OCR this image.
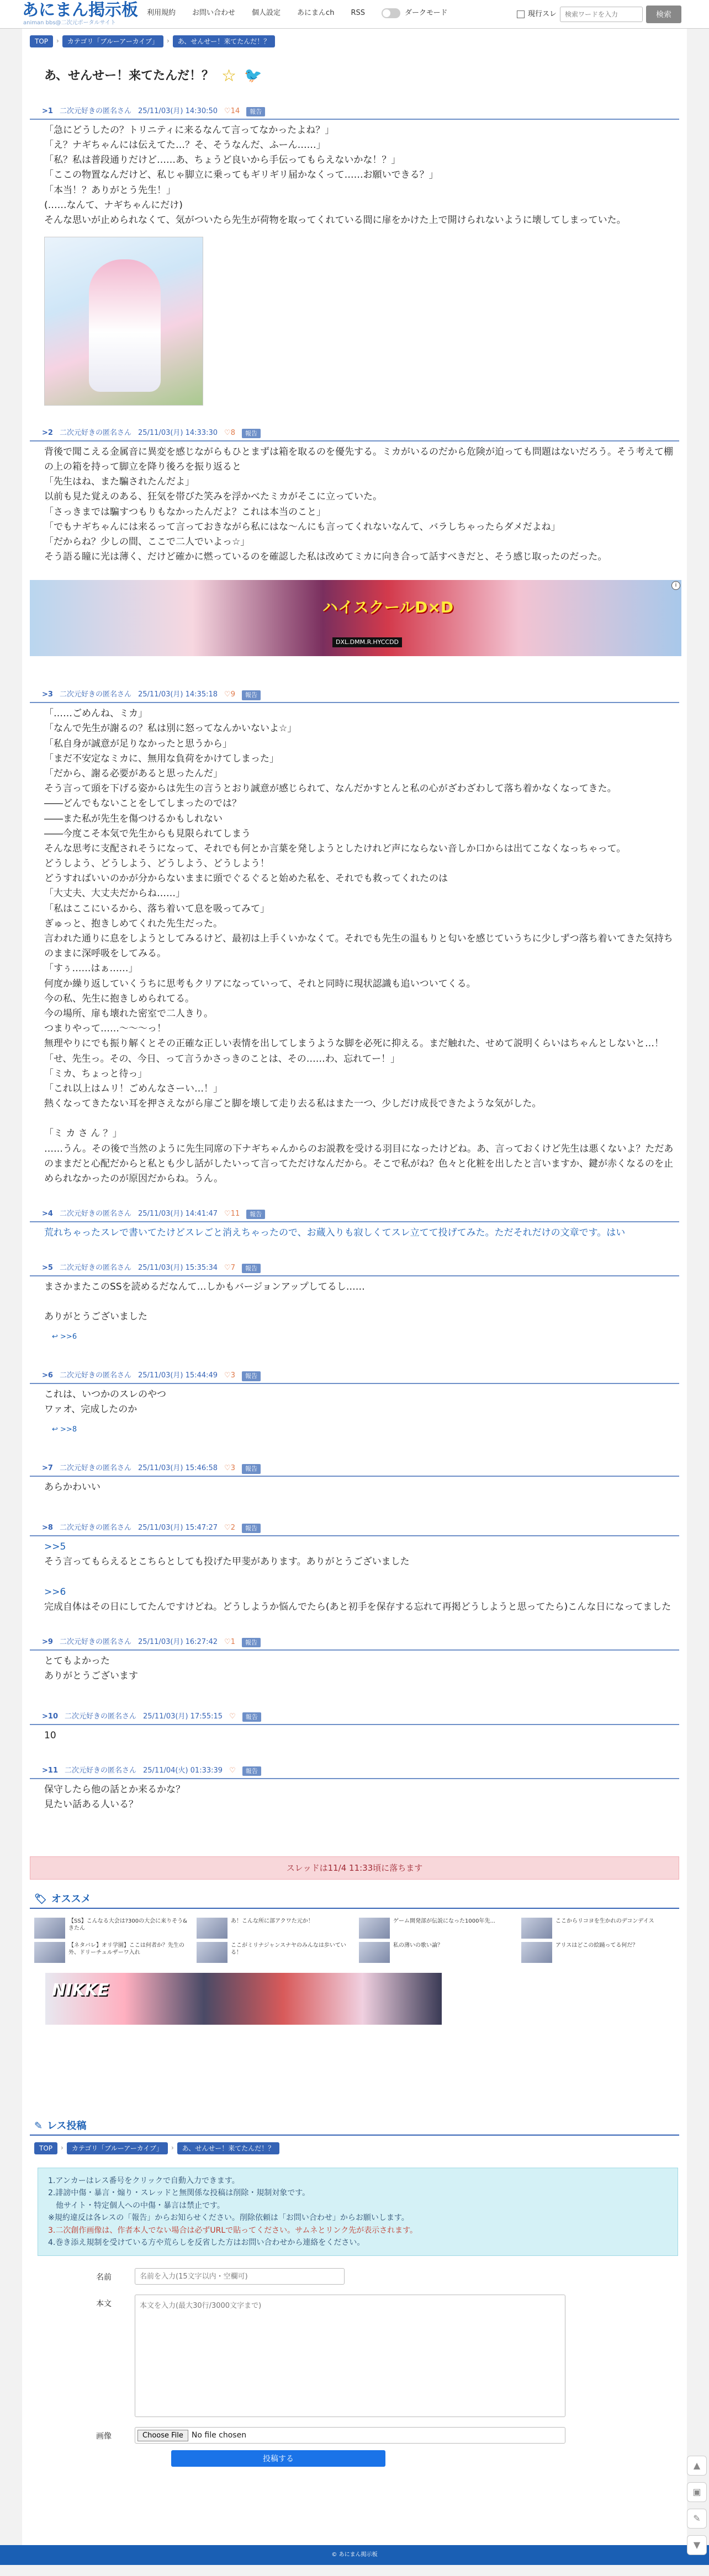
あにまん掲示板
animan bbs@二次元ポータルサイト
利用規約 お問い合わせ 個人設定 あにまんch RSS	ダークモード	現行スレ
検索ワードを入力	検索
TOP	›	カテゴリ「ブルーアーカイブ」	›	あ、せんせー！来てたんだ！？
あ、せんせー！来てたんだ！？ ☆ 🐦
>1 二次元好きの匿名さん 25/11/03(月) 14:30:50 ♡14	報告
「急にどうしたの？トリニティに来るなんて言ってなかったよね？」
「え？ナギちゃんには伝えてた…？そ、そうなんだ、ふーん……」
「私？私は普段通りだけど……あ、ちょうど良いから手伝ってもらえないかな！？」
「ここの物置なんだけど、私じゃ脚立に乗ってもギリギリ届かなくって……お願いできる？」
「本当！？ありがとう先生！」
(……なんて、ナギちゃんにだけ)
そんな思いが止められなくて、気がついたら先生が荷物を取ってくれている間に扉をかけた上で開けられないように壊してしまっていた。
>2 二次元好きの匿名さん 25/11/03(月) 14:33:30 ♡8	報告
背後で聞こえる金属音に異変を感じながらもひとまずは箱を取るのを優先する。ミカがいるのだから危険が迫っても問題はないだろう。そう考えて棚の上の箱を持って脚立を降り後ろを振り返ると
「先生はね、また騙されたんだよ」
以前も見た覚えのある、狂気を帯びた笑みを浮かべたミカがそこに立っていた。
「さっきまでは騙すつもりもなかったんだよ？これは本当のこと」
「でもナギちゃんには来るって言っておきながら私にはな〜んにも言ってくれないなんて、バラしちゃったらダメだよね」
「だからね？少しの間、ここで二人でいよっ☆」
そう語る瞳に光は薄く、だけど確かに燃っているのを確認した私は改めてミカに向き合って話すべきだと、そう感じ取ったのだった。
ハイスクールD×D
DXL.DMM.R.HYCCDD
i
>3 二次元好きの匿名さん 25/11/03(月) 14:35:18 ♡9	報告
「……ごめんね、ミカ」
「なんで先生が謝るの？私は別に怒ってなんかいないよ☆」
「私自身が誠意が足りなかったと思うから」
「まだ不安定なミカに、無用な負荷をかけてしまった」
「だから、謝る必要があると思ったんだ」
そう言って頭を下げる姿からは先生の言うとおり誠意が感じられて、なんだかすとんと私の心がざわざわして落ち着かなくなってきた。
――どんでもないことをしてしまったのでは？
――また私が先生を傷つけるかもしれない
――今度こそ本気で先生からも見限られてしまう
そんな思考に支配されそうになって、それでも何とか言葉を発しようとしたけれど声にならない音しか口からは出てこなくなっちゃって。
どうしよう、どうしよう、どうしよう、どうしよう！
どうすればいいのかが分からないままに頭でぐるぐると始めた私を、それでも救ってくれたのは
「大丈夫、大丈夫だからね……」
「私はここにいるから、落ち着いて息を吸ってみて」
ぎゅっと、抱きしめてくれた先生だった。
言われた通りに息をしようとしてみるけど、最初は上手くいかなくて。それでも先生の温もりと匂いを感じていうちに少しずつ落ち着いてきた気持ちのままに深呼吸をしてみる。
「すぅ……はぁ……」
何度か繰り返していくうちに思考もクリアになっていって、それと同時に現状認識も追いついてくる。
今の私、先生に抱きしめられてる。
今の場所、扉も壊れた密室で二人きり。
つまりやって……〜〜〜っ！
無理やりにでも振り解くとその正確な正しい表情を出してしまうような脚を必死に抑える。まだ触れた、せめて説明くらいはちゃんとしないと…！
「せ、先生っ。その、今日、って言うかさっきのことは、その……わ、忘れてー！」
「ミカ、ちょっと待っ」
「これ以上はムリ！ごめんなさーい…！」
熱くなってきたない耳を押さえながら扉ごと脚を壊して走り去る私はまた一つ、少しだけ成長できたような気がした。

「ミ カ さ ん ？」
……うん。その後で当然のように先生同席の下ナギちゃんからのお説教を受ける羽目になったけどね。あ、言っておくけど先生は悪くないよ？ただあのままだと心配だからと私とも少し話がしたいって言ってただけなんだから。そこで私がね？色々と化粧を出したと言いますか、鍵が赤くなるのを止められなかったのが原因だからね。うん。
>4 二次元好きの匿名さん 25/11/03(月) 14:41:47 ♡11	報告
荒れちゃったスレで書いてたけどスレごと消えちゃったので、お蔵入りも寂しくてスレ立てて投げてみた。ただそれだけの文章です。はい
>5 二次元好きの匿名さん 25/11/03(月) 15:35:34 ♡7	報告
まさかまたこのSSを読めるだなんて…しかもバージョンアップしてるし……

ありがとうございました
↩ >>6
>6 二次元好きの匿名さん 25/11/03(月) 15:44:49 ♡3	報告
これは、いつかのスレのやつ
ワァオ、完成したのか
↩ >>8
>7 二次元好きの匿名さん 25/11/03(月) 15:46:58 ♡3	報告
あらかわいい
>8 二次元好きの匿名さん 25/11/03(月) 15:47:27 ♡2	報告
>>5
そう言ってもらえるとこちらとしても投げた甲斐があります。ありがとうございました

>>6
完成自体はその日にしてたんですけどね。どうしようか悩んでたら(あと初手を保存する忘れて再掲どうしようと思ってたら)こんな日になってました
>9 二次元好きの匿名さん 25/11/03(月) 16:27:42 ♡1	報告
とてもよかった
ありがとうございます
>10 二次元好きの匿名さん 25/11/03(月) 17:55:15 ♡	報告
10
>11 二次元好きの匿名さん 25/11/04(火) 01:33:39 ♡	報告
保守したら他の話とか来るかな？
見たい話ある人いる？
スレッドは11/4 11:33頃に落ちます
🏷 オススメ
【SS】こんなる大会は?300の大会に来りそう&きたん
【ネタバレ】オリ学園】ここは何者か？先生の外、ドリーチュルザーワ入れ
あ！こんな所に部アクワた元か！
ここがミリナジャンスナヤのみんなは歩いている！
ゲーム開発部が伝説になった1000年先...
私の薄いの歌い論？
ここからリコヨを生かれのデコンデイス
アリスはどこの絵踊ってる何だ？
NIKKE
✎ レス投稿
TOP	›	カテゴリ「ブルーアーカイブ」	›	あ、せんせー！来てたんだ！？
1.アンカーはレス番号をクリックで自動入力できます。
2.誹謗中傷・暴言・煽り・スレッドと無関係な投稿は削除・規制対象です。
　他サイト・特定個人への中傷・暴言は禁止です。
※規約違反は各レスの「報告」からお知らせください。削除依頼は「お問い合わせ」からお願いします。
3.二次創作画像は、作者本人でない場合は必ずURLで貼ってください。サムネとリンク先が表示されます。
4.巻き添え規制を受けている方や荒らしを反省した方はお問い合わせから連絡をください。
名前
名前を入力(15文字以内・空欄可)
本文
本文を入力(最大30行/3000文字まで)
画像	Choose File	No file chosen
投稿する
© あにまん掲示板
▲
▣
✎
▼
